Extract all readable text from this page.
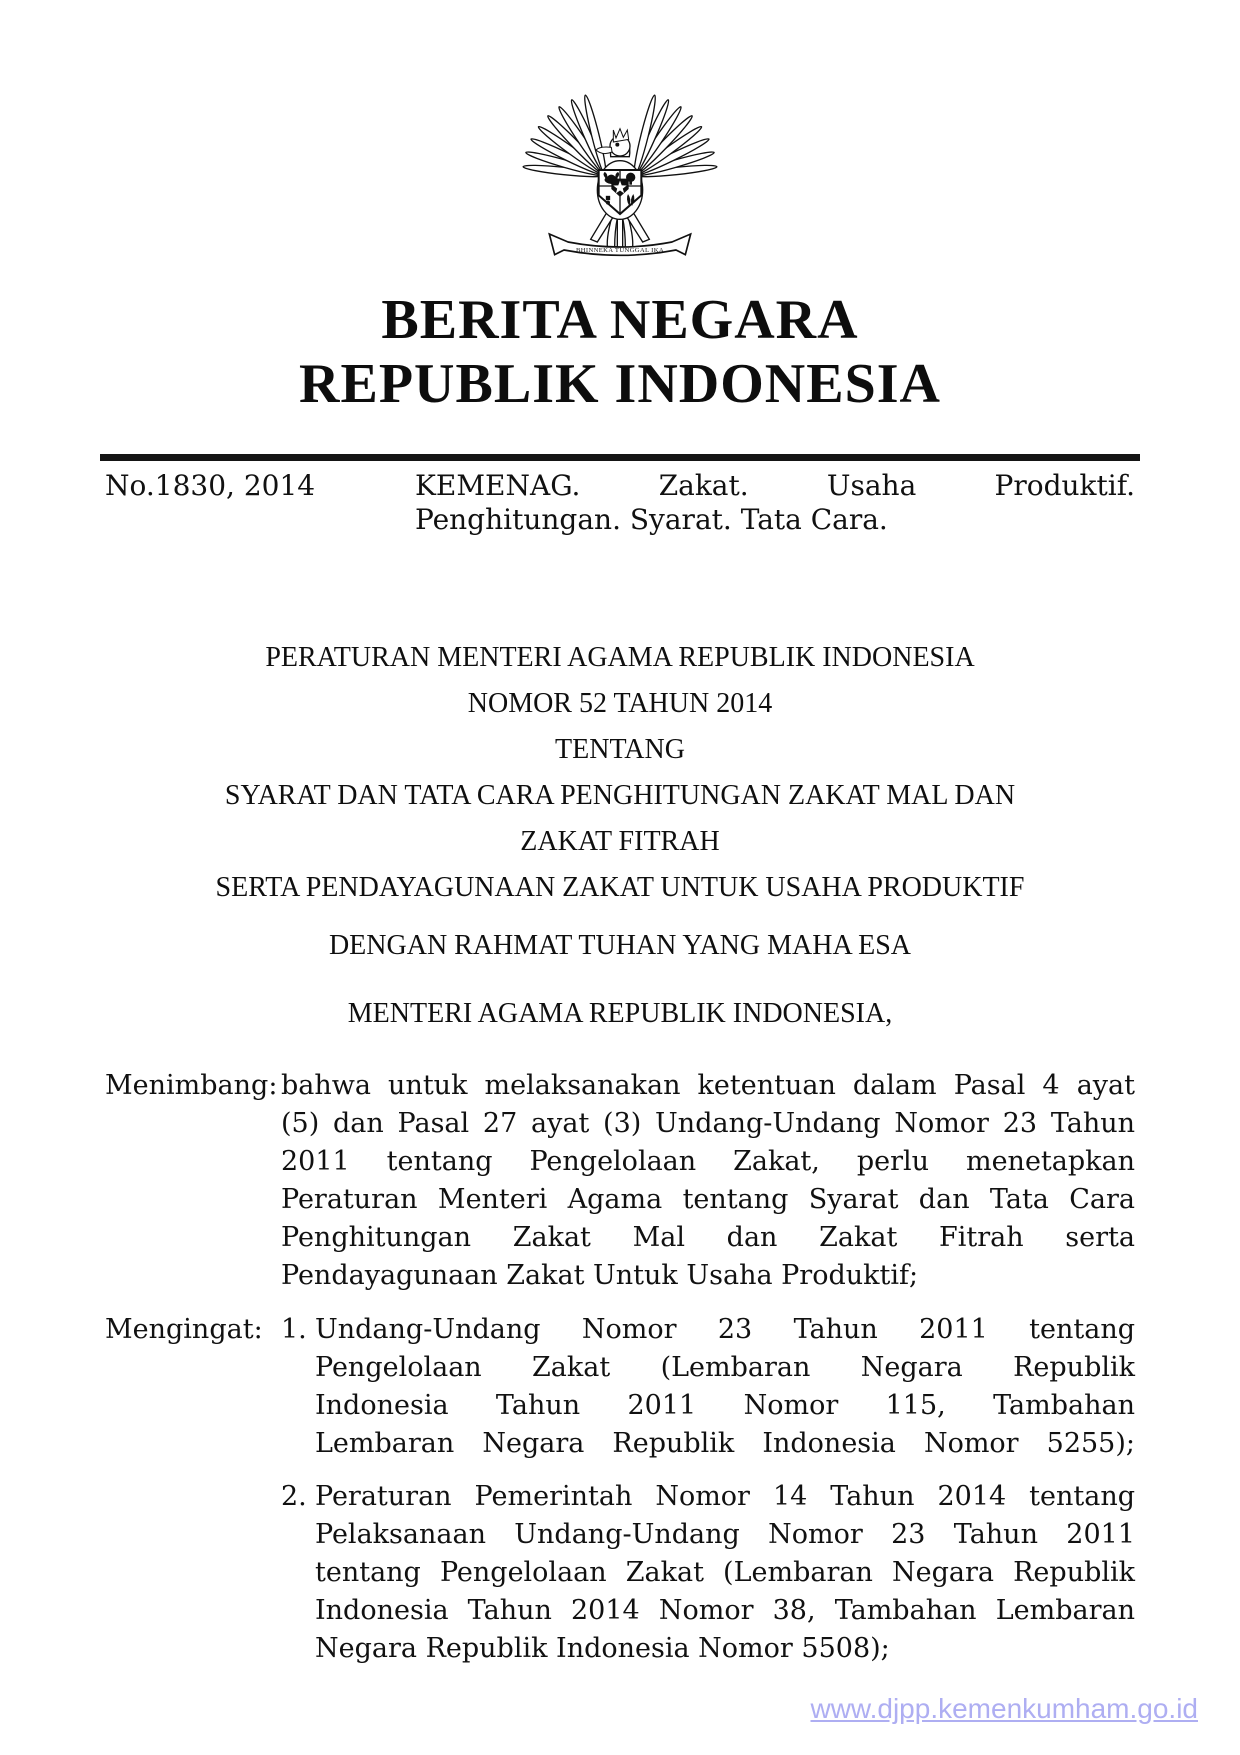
BHINNEKA TUNGGAL IKA
BERITA NEGARA
REPUBLIK INDONESIA
No.1830, 2014	KEMENAG. Zakat. Usaha Produktif.
Penghitungan. Syarat. Tata Cara.
PERATURAN MENTERI AGAMA REPUBLIK INDONESIA
NOMOR 52 TAHUN 2014
TENTANG
SYARAT DAN TATA CARA PENGHITUNGAN ZAKAT MAL DAN
ZAKAT FITRAH
SERTA PENDAYAGUNAAN ZAKAT UNTUK USAHA PRODUKTIF
DENGAN RAHMAT TUHAN YANG MAHA ESA
MENTERI AGAMA REPUBLIK INDONESIA,
Menimbang : bahwa untuk melaksanakan ketentuan dalam Pasal 4 ayat
(5) dan Pasal 27 ayat (3) Undang-Undang Nomor 23 Tahun
2011 tentang Pengelolaan Zakat, perlu menetapkan
Peraturan Menteri Agama tentang Syarat dan Tata Cara
Penghitungan Zakat Mal dan Zakat Fitrah serta
Pendayagunaan Zakat Untuk Usaha Produktif;
Mengingat : 1. Undang-Undang Nomor 23 Tahun 2011 tentang
Pengelolaan Zakat (Lembaran Negara Republik
Indonesia Tahun 2011 Nomor 115, Tambahan
Lembaran Negara Republik Indonesia Nomor 5255);
2. Peraturan Pemerintah Nomor 14 Tahun 2014 tentang
Pelaksanaan Undang-Undang Nomor 23 Tahun 2011
tentang Pengelolaan Zakat (Lembaran Negara Republik
Indonesia Tahun 2014 Nomor 38, Tambahan Lembaran
Negara Republik Indonesia Nomor 5508);
www.djpp.kemenkumham.go.id
